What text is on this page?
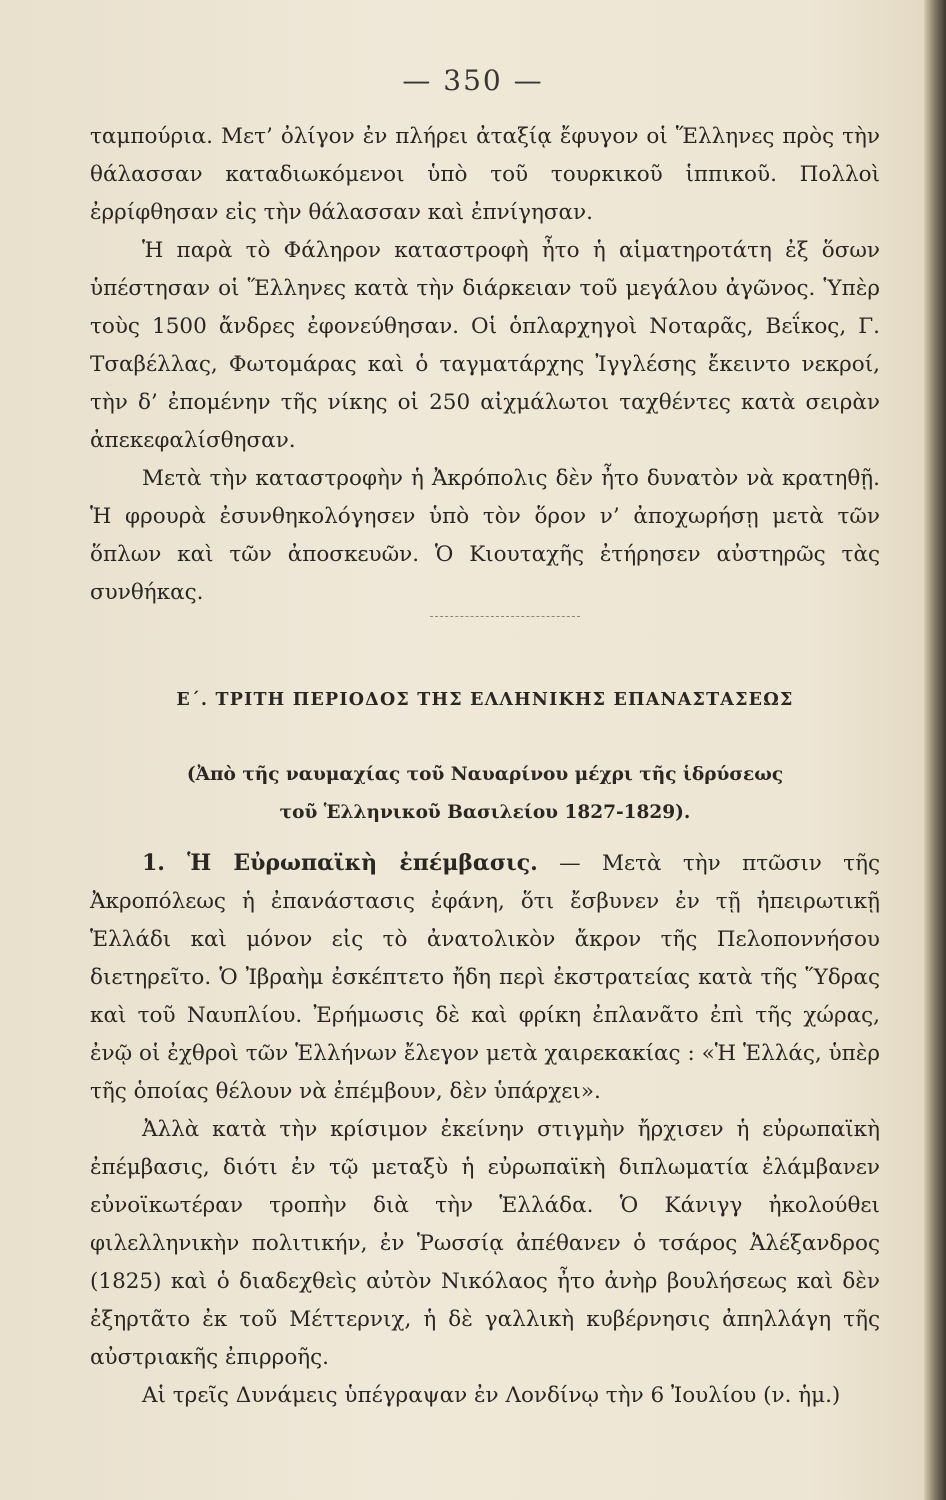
— 350 —

ταμπούρια. Μετ’ ὀλίγον ἐν πλήρει ἀταξίᾳ ἔφυγον οἱ Ἕλληνες πρὸς τὴν θάλασσαν καταδιωκόμενοι ὑπὸ τοῦ τουρκικοῦ ἱππικοῦ. Πολλοὶ ἐρρίφθησαν εἰς τὴν θάλασσαν καὶ ἐπνίγησαν.

Ἡ παρὰ τὸ Φάληρον καταστροφὴ ἦτο ἡ αἱματηροτάτη ἐξ ὅσων ὑπέστησαν οἱ Ἕλληνες κατὰ τὴν διάρκειαν τοῦ μεγάλου ἀγῶνος. Ὑπὲρ τοὺς 1500 ἄνδρες ἐφονεύθησαν. Οἱ ὁπλαρχηγοὶ Νοταρᾶς, Βεΐκος, Γ. Τσαβέλλας, Φωτομάρας καὶ ὁ ταγματάρχης Ἰγγλέσης ἔκειντο νεκροί, τὴν δ’ ἐπομένην τῆς νίκης οἱ 250 αἰχμάλωτοι ταχθέντες κατὰ σειρὰν ἀπεκεφαλίσθησαν.

Μετὰ τὴν καταστροφὴν ἡ Ἀκρόπολις δὲν ἦτο δυνατὸν νὰ κρατηθῇ. Ἡ φρουρὰ ἐσυνθηκολόγησεν ὑπὸ τὸν ὅρον ν’ ἀποχωρήσῃ μετὰ τῶν ὅπλων καὶ τῶν ἀποσκευῶν. Ὁ Κιουταχῆς ἐτήρησεν αὐστηρῶς τὰς συνθήκας.

Ε΄. ΤΡΙΤΗ ΠΕΡΙΟΔΟΣ ΤΗΣ ΕΛΛΗΝΙΚΗΣ ΕΠΑΝΑΣΤΑΣΕΩΣ
(Ἀπὸ τῆς ναυμαχίας τοῦ Ναυαρίνου μέχρι τῆς ἱδρύσεως
τοῦ Ἑλληνικοῦ Βασιλείου 1827-1829).

1. Ἡ Εὐρωπαϊκὴ ἐπέμβασις. — Μετὰ τὴν πτῶσιν τῆς Ἀκροπόλεως ἡ ἐπανάστασις ἐφάνη, ὅτι ἔσβυνεν ἐν τῇ ἠπειρωτικῇ Ἑλλάδι καὶ μόνον εἰς τὸ ἀνατολικὸν ἄκρον τῆς Πελοποννήσου διετηρεῖτο. Ὁ Ἰβραὴμ ἐσκέπτετο ἤδη περὶ ἐκστρατείας κατὰ τῆς Ὕδρας καὶ τοῦ Ναυπλίου. Ἐρήμωσις δὲ καὶ φρίκη ἐπλανᾶτο ἐπὶ τῆς χώρας, ἐνῷ οἱ ἐχθροὶ τῶν Ἑλλήνων ἔλεγον μετὰ χαιρεκακίας : «Ἡ Ἑλλάς, ὑπὲρ τῆς ὁποίας θέλουν νὰ ἐπέμβουν, δὲν ὑπάρχει».

Ἀλλὰ κατὰ τὴν κρίσιμον ἐκείνην στιγμὴν ἤρχισεν ἡ εὐρωπαϊκὴ ἐπέμβασις, διότι ἐν τῷ μεταξὺ ἡ εὐρωπαϊκὴ διπλωματία ἐλάμβανεν εὐνοϊκωτέραν τροπὴν διὰ τὴν Ἑλλάδα. Ὁ Κάνιγγ ἠκολούθει φιλελληνικὴν πολιτικήν, ἐν Ῥωσσίᾳ ἀπέθανεν ὁ τσάρος Ἀλέξανδρος (1825) καὶ ὁ διαδεχθεὶς αὐτὸν Νικόλαος ἦτο ἀνὴρ βουλήσεως καὶ δὲν ἐξηρτᾶτο ἐκ τοῦ Μέττερνιχ, ἡ δὲ γαλλικὴ κυβέρνησις ἀπηλλάγη τῆς αὐστριακῆς ἐπιρροῆς.

Αἱ τρεῖς Δυνάμεις ὑπέγραψαν ἐν Λονδίνῳ τὴν 6 Ἰουλίου (ν. ἡμ.)
